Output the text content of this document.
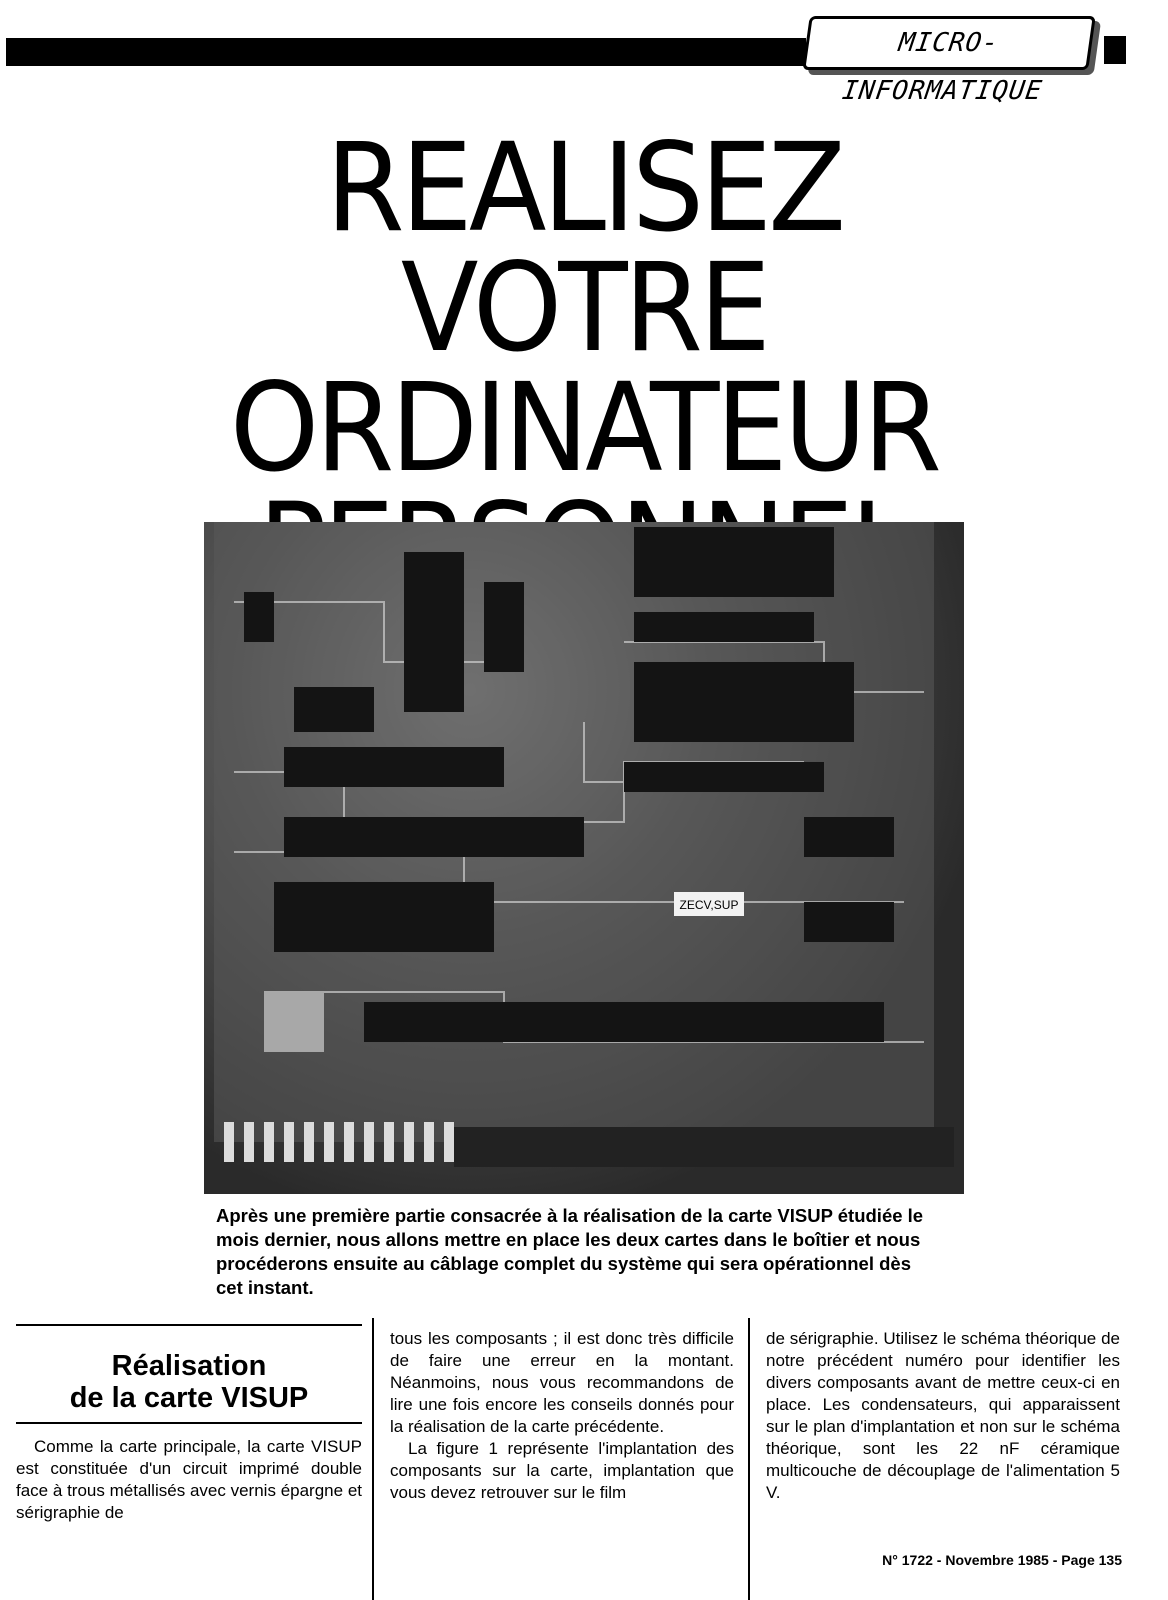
MICRO-INFORMATIQUE
REALISEZ
VOTRE ORDINATEUR
ZECV,SUP
Après une première partie consacrée à la réalisation de la carte VISUP étudiée le mois dernier, nous allons mettre en place les deux cartes dans le boîtier et nous procéderons ensuite au câblage complet du système qui sera opérationnel dès cet instant.
Réalisation
de la carte VISUP

Comme la carte principale, la carte VISUP est constituée d'un circuit imprimé double face à trous métallisés avec vernis épargne et sérigraphie de

tous les composants ; il est donc très difficile de faire une erreur en la montant. Néanmoins, nous vous recommandons de lire une fois encore les conseils donnés pour la réalisation de la carte précédente.

La figure 1 représente l'implantation des composants sur la carte, implantation que vous devez retrouver sur le film

de sérigraphie. Utilisez le schéma théorique de notre précédent numéro pour identifier les divers composants avant de mettre ceux-ci en place. Les condensateurs, qui apparaissent sur le plan d'implantation et non sur le schéma théorique, sont les 22 nF céramique multicouche de découplage de l'alimentation 5 V.

N° 1722 - Novembre 1985 - Page 135
